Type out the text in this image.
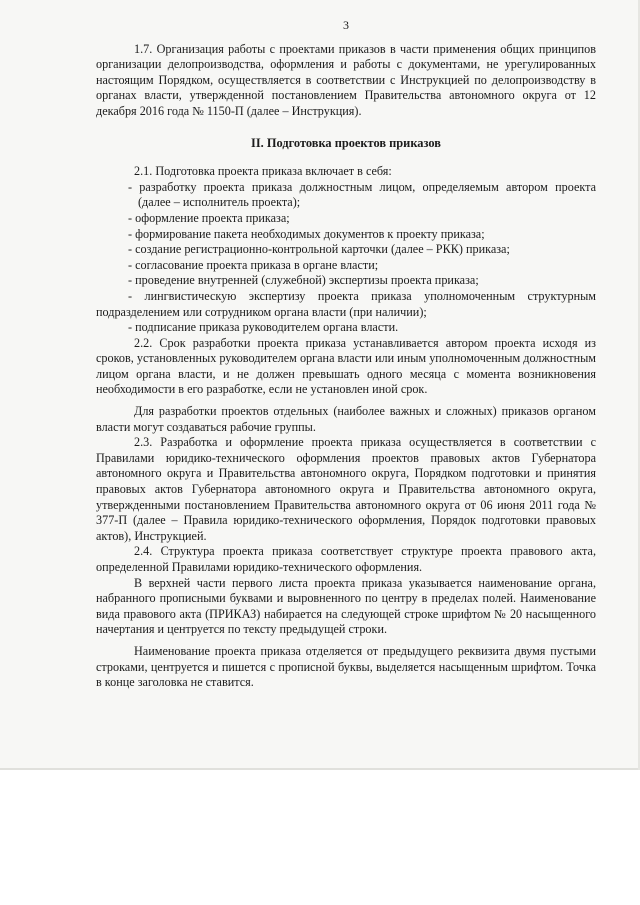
3

1.7. Организация работы с проектами приказов в части применения общих принципов организации делопроизводства, оформления и работы с документами, не урегулированных настоящим Порядком, осуществляется в соответствии с Инструкцией по делопроизводству в органах власти, утвержденной постановлением Правительства автономного округа от 12 декабря 2016 года № 1150-П (далее – Инструкция).

II. Подготовка проектов приказов

2.1. Подготовка проекта приказа включает в себя:

- разработку проекта приказа должностным лицом, определяемым автором проекта (далее – исполнитель проекта);

- оформление проекта приказа;

- формирование пакета необходимых документов к проекту приказа;

- создание регистрационно-контрольной карточки (далее – РКК) приказа;

- согласование проекта приказа в органе власти;

- проведение внутренней (служебной) экспертизы проекта приказа;

- лингвистическую экспертизу проекта приказа уполномоченным структурным подразделением или сотрудником органа власти (при наличии);

- подписание приказа руководителем органа власти.

2.2. Срок разработки проекта приказа устанавливается автором проекта исходя из сроков, установленных руководителем органа власти или иным уполномоченным должностным лицом органа власти, и не должен превышать одного месяца с момента возникновения необходимости в его разработке, если не установлен иной срок.

Для разработки проектов отдельных (наиболее важных и сложных) приказов органом власти могут создаваться рабочие группы.

2.3. Разработка и оформление проекта приказа осуществляется в соответствии с Правилами юридико-технического оформления проектов правовых актов Губернатора автономного округа и Правительства автономного округа, Порядком подготовки и принятия правовых актов Губернатора автономного округа и Правительства автономного округа, утвержденными постановлением Правительства автономного округа от 06 июня 2011 года № 377-П (далее – Правила юридико-технического оформления, Порядок подготовки правовых актов), Инструкцией.

2.4. Структура проекта приказа соответствует структуре проекта правового акта, определенной Правилами юридико-технического оформления.

В верхней части первого листа проекта приказа указывается наименование органа, набранного прописными буквами и выровненного по центру в пределах полей. Наименование вида правового акта (ПРИКАЗ) набирается на следующей строке шрифтом № 20 насыщенного начертания и центруется по тексту предыдущей строки.

Наименование проекта приказа отделяется от предыдущего реквизита двумя пустыми строками, центруется и пишется с прописной буквы, выделяется насыщенным шрифтом. Точка в конце заголовка не ставится.
